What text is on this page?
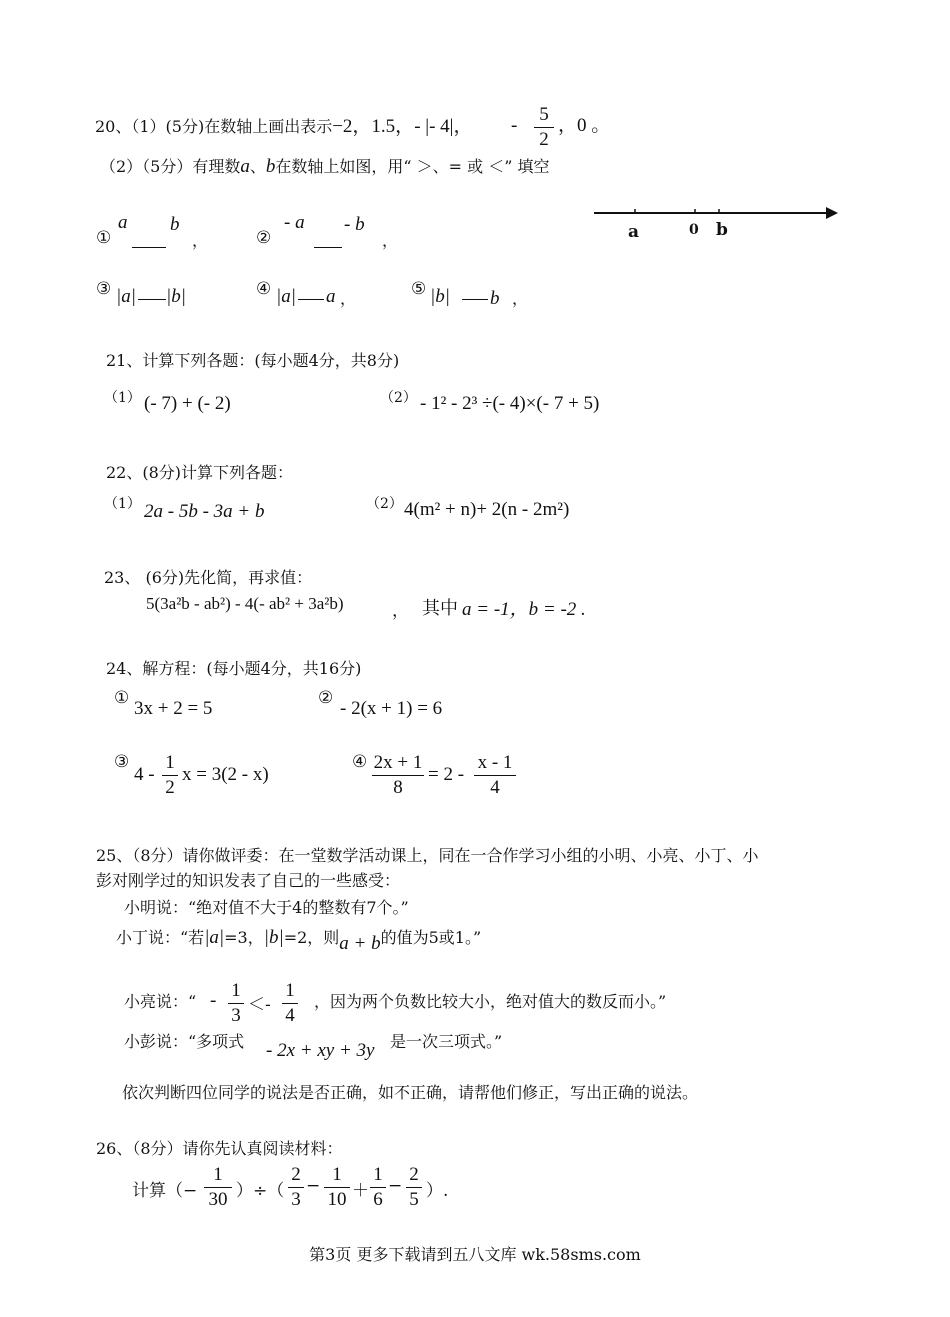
20、（1）(5分)在数轴上画出表示−2，1.5，- |- 4|， -
5
2
，0 。
（2）（5分）有理数a、b在数轴上如图，用“ ＞、= 或 ＜” 填空
①
a
b
，	②
- a
- b
，	a	0 b
③ |a|
|b|	④ |a|
a ，	⑤ |b|
b ，
21、计算下列各题：(每小题4分，共8分)
（1） (- 7) + (- 2)	（2） - 1² - 2³ ÷(- 4)×(- 7 + 5)
22、(8分)计算下列各题：
（1） 2a - 5b - 3a + b	（2） 4(m² + n)+ 2(n - 2m²)
23、 (6分)先化简，再求值：
5(3a²b - ab²) - 4(- ab² + 3a²b)	， 其中 a = -1，b = -2 .
24、解方程：(每小题4分，共16分)
① 3x + 2 = 5	② - 2(x + 1) = 6
③
4 -
1
2
x = 3(2 - x)
④ 2x + 1
8
= 2 -
x - 1
4
25、（8分）请你做评委：在一堂数学活动课上，同在一合作学习小组的小明、小亮、小丁、小
彭对刚学过的知识发表了自己的一些感受：
小明说：“绝对值不大于4的整数有7个。”
小丁说：“若|a|=3，|b|=2，则a + b的值为5或1。”
小亮说：“ - 1
3 ＜-
1
4
，因为两个负数比较大小，绝对值大的数反而小。”
小彭说：“多项式 - 2x + xy + 3y 是一次三项式。”
依次判断四位同学的说法是否正确，如不正确，请帮他们修正，写出正确的说法。
26、（8分）请你先认真阅读材料：
计算（−
1
30 ）÷（
2
3
−
1
10 ＋
1
6
−
2
5 ）.
第3页 更多下载请到五八文库 wk.58sms.com
